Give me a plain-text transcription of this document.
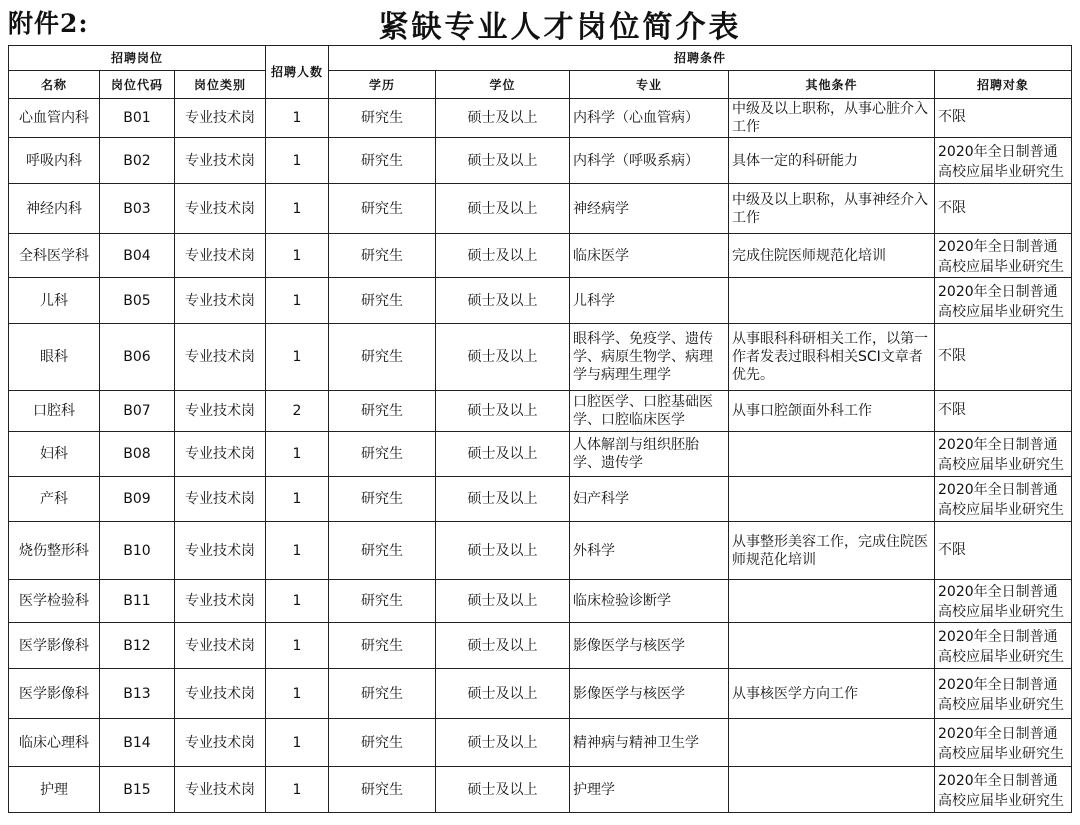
附件2:	紧缺专业人才岗位简介表
招聘岗位			招聘人数	招聘条件				
名称	岗位代码	岗位类别		学历	学位	专业	其他条件	招聘对象
心血管内科	B01	专业技术岗	1	研究生	硕士及以上	内科学（心血管病）	中级及以上职称，从事心脏介入工作	不限

呼吸内科	B02	专业技术岗	1	研究生	硕士及以上	内科学（呼吸系病）	具体一定的科研能力	2020年全日制普通高校应届毕业研究生

神经内科	B03	专业技术岗	1	研究生	硕士及以上	神经病学	中级及以上职称，从事神经介入工作	不限

全科医学科	B04	专业技术岗	1	研究生	硕士及以上	临床医学	完成住院医师规范化培训	2020年全日制普通高校应届毕业研究生

儿科	B05	专业技术岗	1	研究生	硕士及以上	儿科学		2020年全日制普通高校应届毕业研究生

眼科	B06	专业技术岗	1	研究生	硕士及以上	眼科学、免疫学、遗传学、病原生物学、病理学与病理生理学	从事眼科科研相关工作，以第一作者发表过眼科相关SCI文章者优先。	不限

口腔科	B07	专业技术岗	2	研究生	硕士及以上	口腔医学、口腔基础医学、口腔临床医学	从事口腔颌面外科工作	不限

妇科	B08	专业技术岗	1	研究生	硕士及以上	人体解剖与组织胚胎学、遗传学		2020年全日制普通高校应届毕业研究生

产科	B09	专业技术岗	1	研究生	硕士及以上	妇产科学		2020年全日制普通高校应届毕业研究生

烧伤整形科	B10	专业技术岗	1	研究生	硕士及以上	外科学	从事整形美容工作，完成住院医师规范化培训	不限

医学检验科	B11	专业技术岗	1	研究生	硕士及以上	临床检验诊断学		2020年全日制普通高校应届毕业研究生

医学影像科	B12	专业技术岗	1	研究生	硕士及以上	影像医学与核医学		2020年全日制普通高校应届毕业研究生

医学影像科	B13	专业技术岗	1	研究生	硕士及以上	影像医学与核医学	从事核医学方向工作	2020年全日制普通高校应届毕业研究生

临床心理科	B14	专业技术岗	1	研究生	硕士及以上	精神病与精神卫生学		2020年全日制普通高校应届毕业研究生

护理	B15	专业技术岗	1	研究生	硕士及以上	护理学		2020年全日制普通高校应届毕业研究生
